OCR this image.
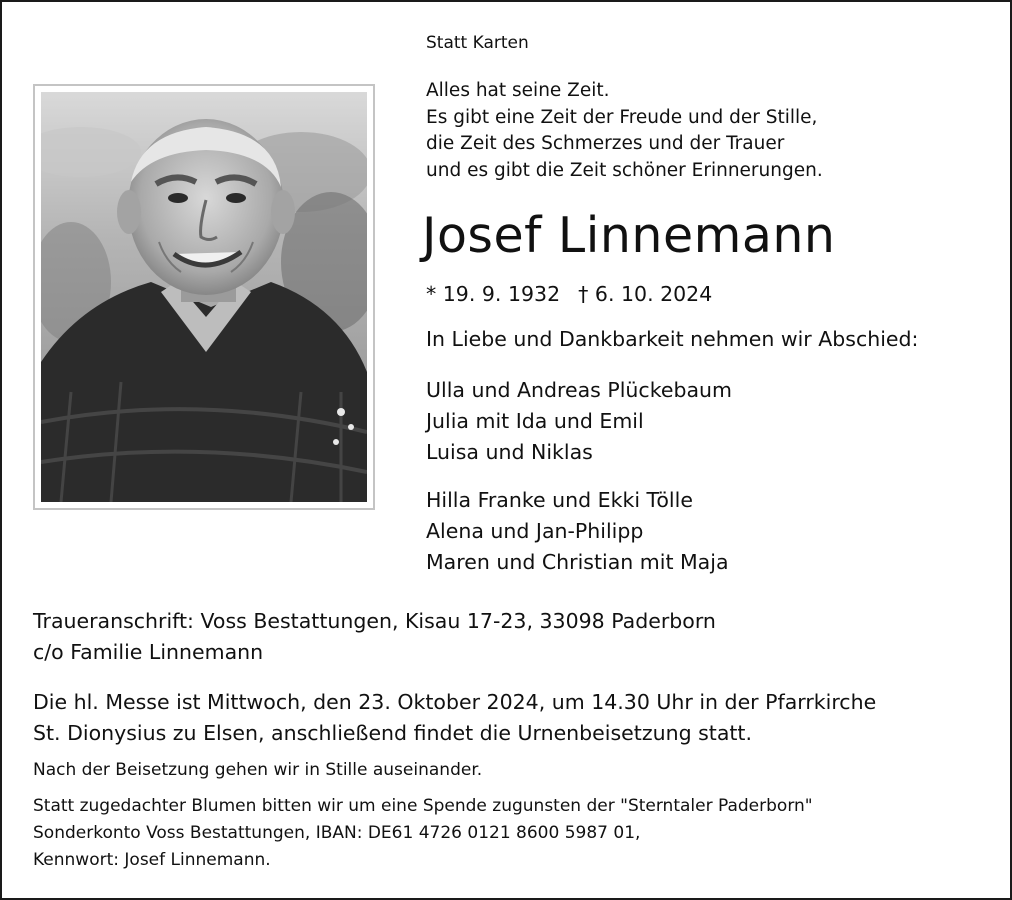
Statt Karten
Alles hat seine Zeit.
Es gibt eine Zeit der Freude und der Stille,
die Zeit des Schmerzes und der Trauer
und es gibt die Zeit schöner Erinnerungen.
Josef Linnemann
* 19. 9. 1932 † 6. 10. 2024
In Liebe und Dankbarkeit nehmen wir Abschied:
Ulla und Andreas Plückebaum
Julia mit Ida und Emil
Luisa und Niklas
Hilla Franke und Ekki Tölle
Alena und Jan-Philipp
Maren und Christian mit Maja
Traueranschrift: Voss Bestattungen, Kisau 17-23, 33098 Paderborn
c/o Familie Linnemann
Die hl. Messe ist Mittwoch, den 23. Oktober 2024, um 14.30 Uhr in der Pfarrkirche
St. Dionysius zu Elsen, anschließend findet die Urnenbeisetzung statt.
Nach der Beisetzung gehen wir in Stille auseinander.
Statt zugedachter Blumen bitten wir um eine Spende zugunsten der "Sterntaler Paderborn"
Sonderkonto Voss Bestattungen, IBAN: DE61 4726 0121 8600 5987 01,
Kennwort: Josef Linnemann.
